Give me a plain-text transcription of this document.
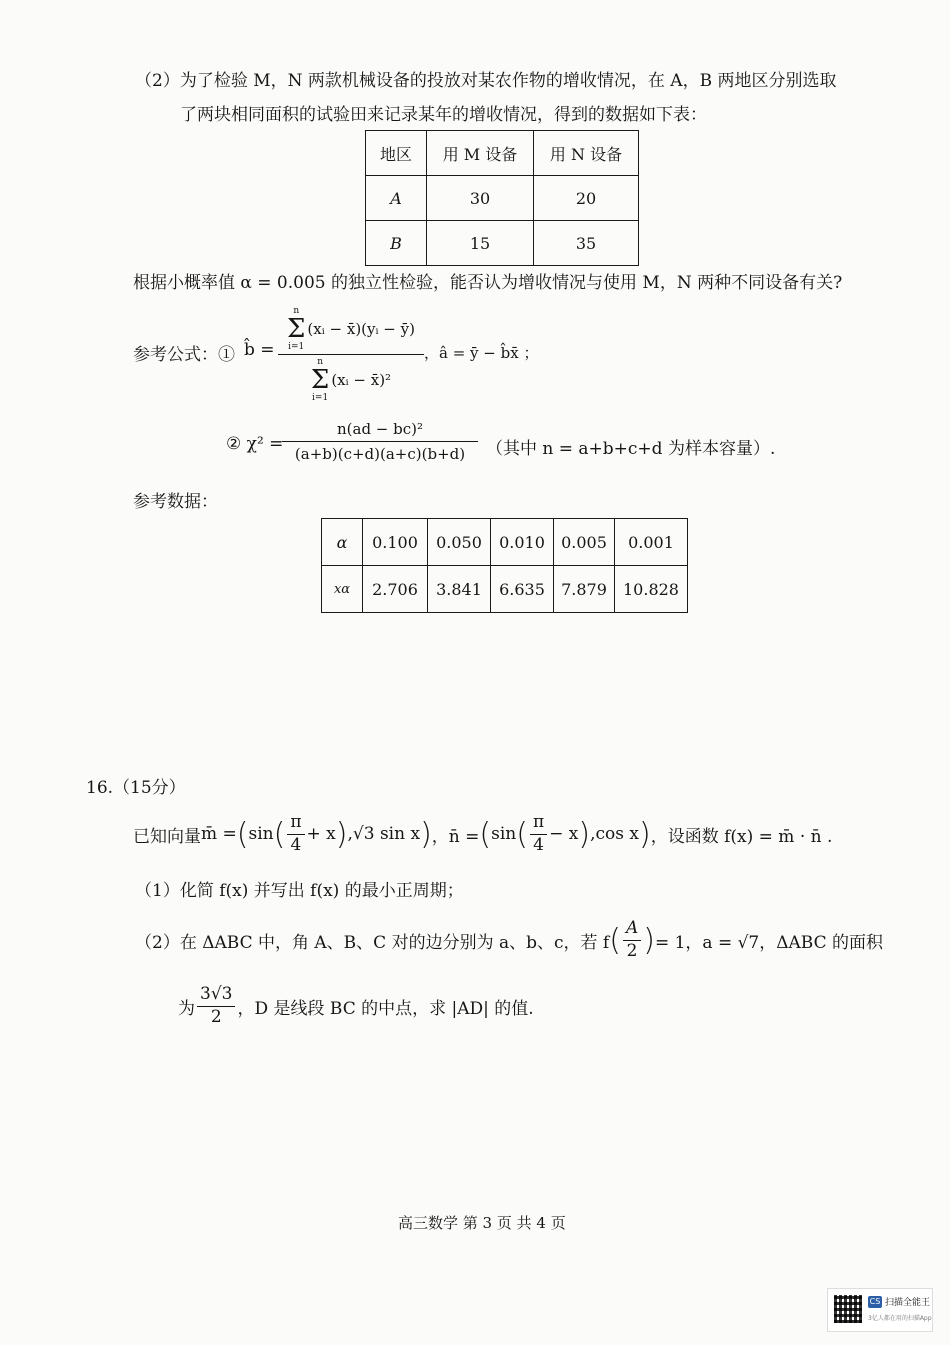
（2）为了检验 M，N 两款机械设备的投放对某农作物的增收情况，在 A，B 两地区分别选取
了两块相同面积的试验田来记录某年的增收情况，得到的数据如下表：
地区	用 M 设备	用 N 设备
A	30	20
B	15	35
根据小概率值 α = 0.005 的独立性检验，能否认为增收情况与使用 M，N 两种不同设备有关?
参考公式：① b̂ =
n
Σ
i=1
(xᵢ − x̄)(yᵢ − ȳ)
n
Σ
i=1
(xᵢ − x̄)²
，â = ȳ − b̂x̄ ；
② χ² =
$\frac{\text{n(ad − bc)²}}{(a+b)(c+d)(a+c)(b+d)}$ （其中 n = a+b+c+d 为样本容量）.
参考数据：
α	0.100	0.050	0.010	0.005	0.001
xα	2.706	3.841	6.635	7.879	10.828
16.（15分）
已知向量 m̄ = ( sin ( $\frac{\pi}{4} + x$ ) ,√3 sin x ) ，n̄ = ( sin ( $\frac{\pi}{4} - x$ ) ,cos x ) ，设函数 f(x) = m̄ · n̄ .
（1）化简 f(x) 并写出 f(x) 的最小正周期；
（2）在 ΔABC 中，角 A、B、C 对的边分别为 a、b、c，若 f ( $\frac{A}{2}$ ) = 1，a = √7，ΔABC 的面积
为 $\frac{3√3}{2}$ ，D 是线段 BC 的中点，求 |AD| 的值.
高三数学 第 3 页 共 4 页
CS 扫描全能王
3亿人都在用的扫描App
